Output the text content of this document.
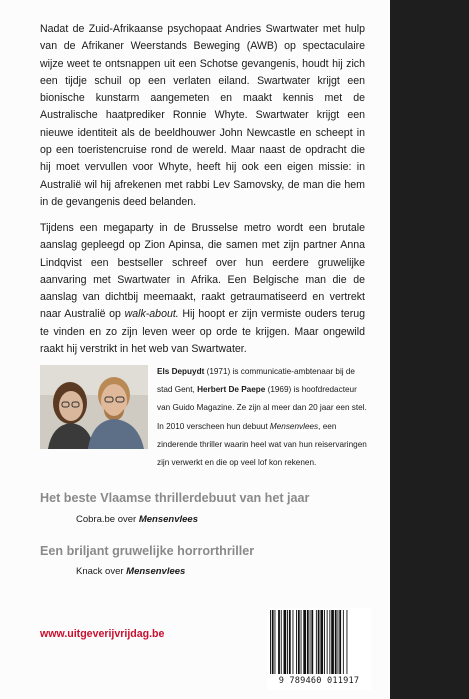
Nadat de Zuid-Afrikaanse psychopaat Andries Swartwater met hulp van de Afrikaner Weerstands Beweging (AWB) op spectaculaire wijze weet te ontsnappen uit een Schotse gevangenis, houdt hij zich een tijdje schuil op een verlaten eiland. Swartwater krijgt een bionische kunstarm aangemeten en maakt kennis met de Australische haatprediker Ronnie Whyte. Swartwater krijgt een nieuwe identiteit als de beeldhouwer John Newcastle en scheept in op een toeristencruise rond de wereld. Maar naast de opdracht die hij moet vervullen voor Whyte, heeft hij ook een eigen missie: in Australië wil hij afrekenen met rabbi Lev Samovsky, de man die hem in de gevangenis deed belanden.

Tijdens een megaparty in de Brusselse metro wordt een brutale aanslag gepleegd op Zion Apinsa, die samen met zijn partner Anna Lindqvist een bestseller schreef over hun eerdere gruwelijke aanvaring met Swartwater in Afrika. Een Belgische man die de aanslag van dichtbij meemaakt, raakt getraumatiseerd en vertrekt naar Australië op walk-about. Hij hoopt er zijn vermiste ouders terug te vinden en zo zijn leven weer op orde te krijgen. Maar ongewild raakt hij verstrikt in het web van Swartwater.

Els Depuydt (1971) is communicatie-ambtenaar bij de stad Gent, Herbert De Paepe (1969) is hoofdredacteur van Guido Magazine. Ze zijn al meer dan 20 jaar een stel.

In 2010 verscheen hun debuut Mensenvlees, een zinderende thriller waarin heel wat van hun reiservaringen zijn verwerkt en die op veel lof kon rekenen.

Het beste Vlaamse thrillerdebuut van het jaar

Cobra.be over Mensenvlees

Een briljant gruwelijke horrorthriller

Knack over Mensenvlees

www.uitgeverijvrijdag.be

9 789460 011917
